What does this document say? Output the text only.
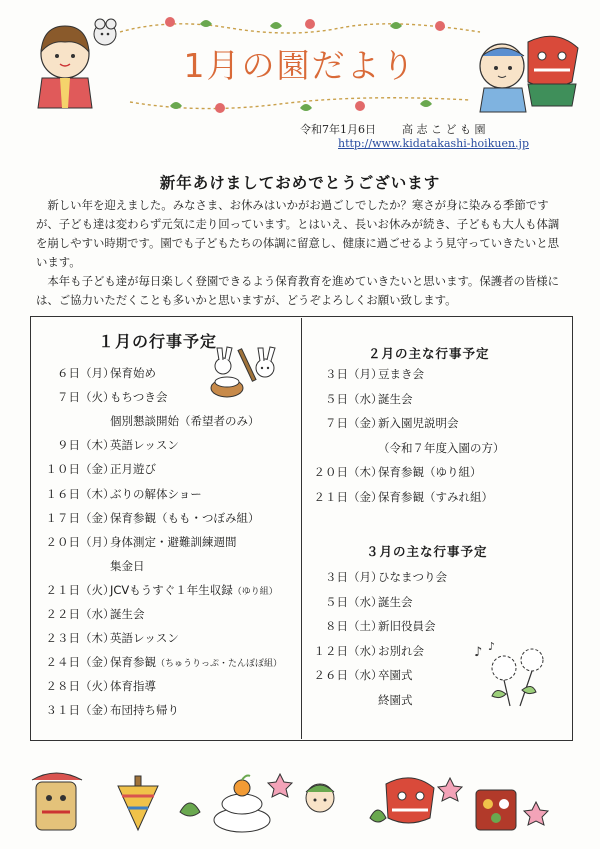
1月の園だより
令和7年1月6日 高 志 こ ど も 園
http://www.kidatakashi-hoikuen.jp
新年あけましておめでとうございます

新しい年を迎えました。みなさま、お休みはいかがお過ごしでしたか？寒さが身に染みる季節ですが、子ども達は変わらず元気に走り回っています。とはいえ、長いお休みが続き、子どもも大人も体調を崩しやすい時期です。園でも子どもたちの体調に留意し、健康に過ごせるよう見守っていきたいと思います。

本年も子ども達が毎日楽しく登園できるよう保育教育を進めていきたいと思います。保護者の皆様には、ご協力いただくことも多いかと思いますが、どうぞよろしくお願い致します。

１月の行事予定
６日（月）保育始め
７日（火）もちつき会
個別懇談開始（希望者のみ）
９日（木）英語レッスン
１０日（金）正月遊び
１６日（木）ぶりの解体ショー
１７日（金）保育参観（もも・つぼみ組）
２０日（月）身体測定・避難訓練週間
集金日
２１日（火）JCVもうすぐ１年生収録（ゆり組）
２２日（水）誕生会
２３日（木）英語レッスン
２４日（金）保育参観（ちゅうりっぷ・たんぽぽ組）
２８日（火）体育指導
３１日（金）布団持ち帰り
２月の主な行事予定
３日（月）豆まき会
５日（水）誕生会
７日（金）新入園児説明会
（令和７年度入園の方）
２０日（木）保育参観（ゆり組）
２１日（金）保育参観（すみれ組）
３月の主な行事予定
３日（月）ひなまつり会
５日（水）誕生会
８日（土）新旧役員会
１２日（水）お別れ会
２６日（水）卒園式
終園式
♪ ♪
